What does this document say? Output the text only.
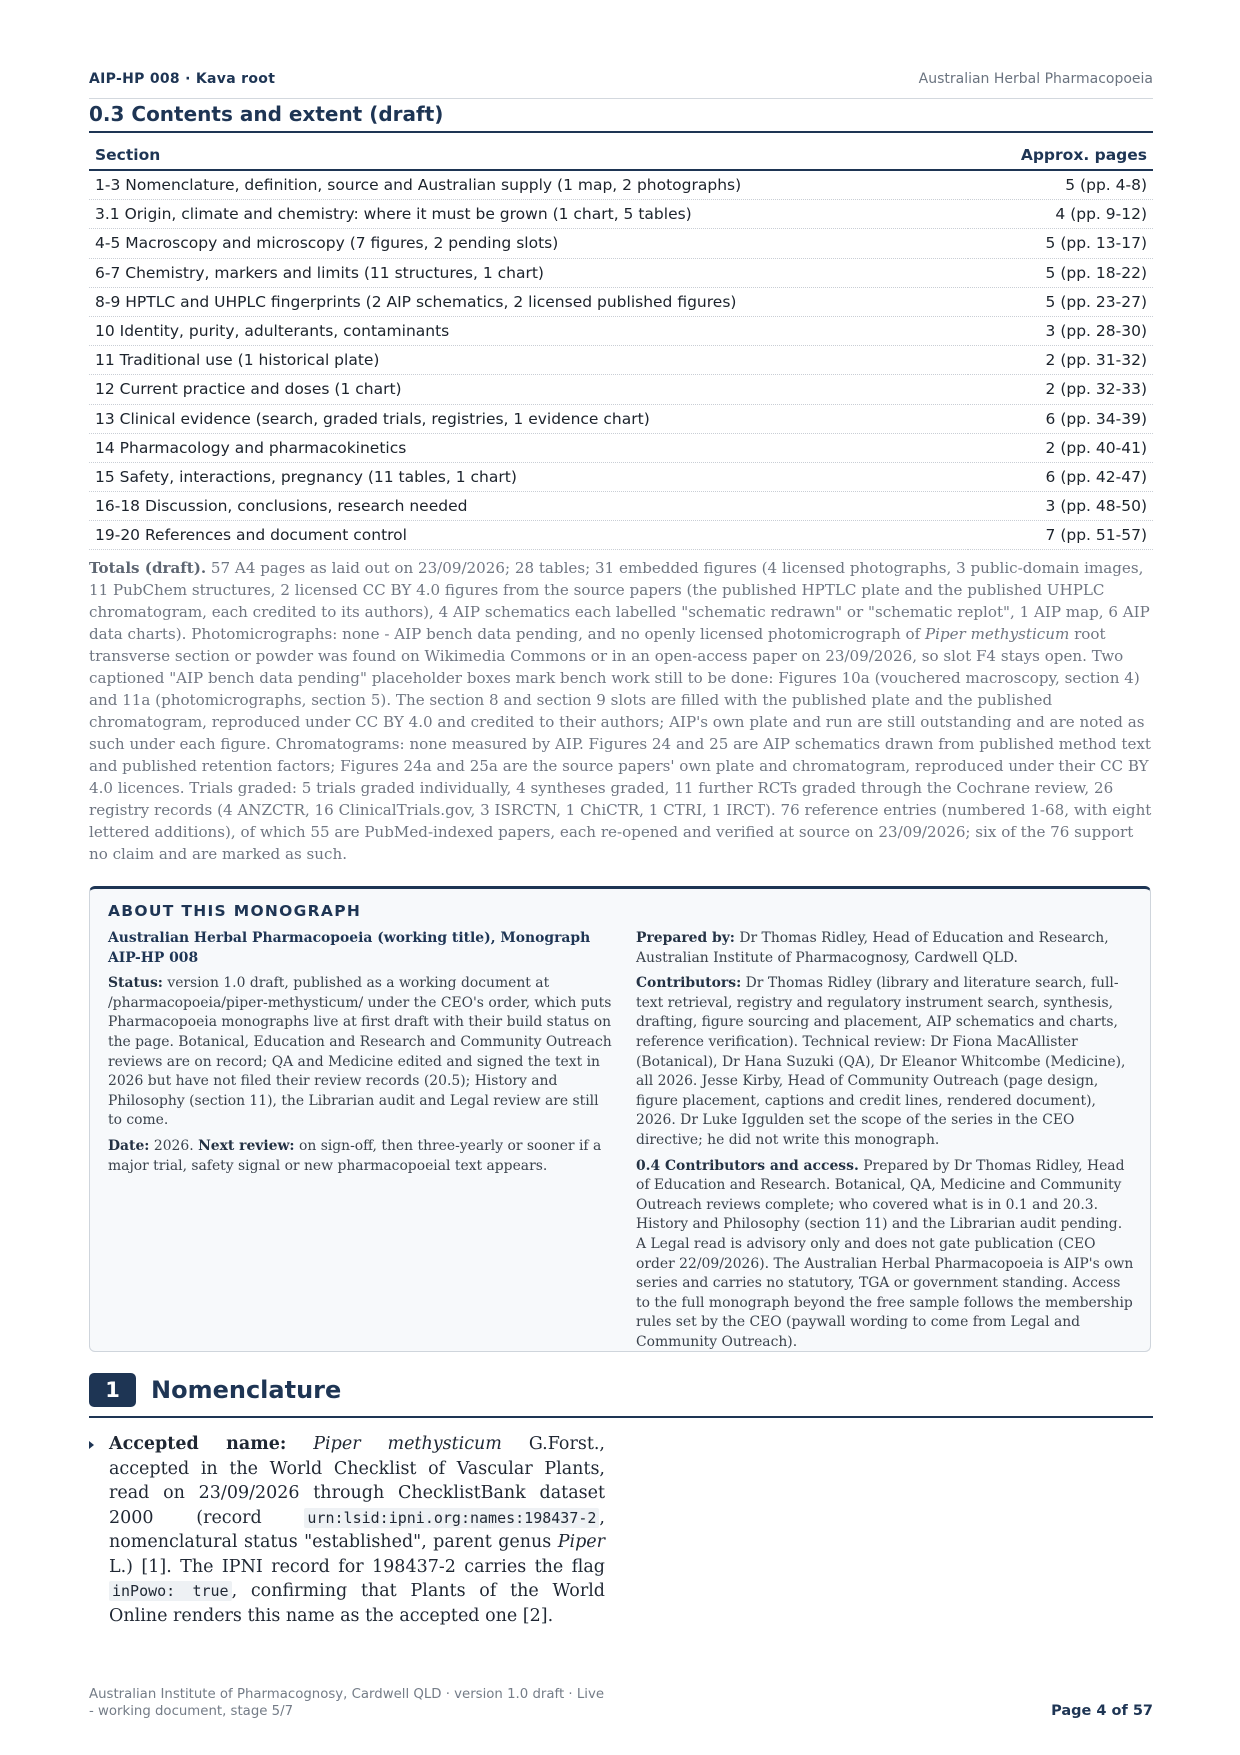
AIP-HP 008 · Kava root	Australian Herbal Pharmacopoeia
0.3 Contents and extent (draft)
Section	Approx. pages
1-3 Nomenclature, definition, source and Australian supply (1 map, 2 photographs)	5 (pp. 4-8)
3.1 Origin, climate and chemistry: where it must be grown (1 chart, 5 tables)	4 (pp. 9-12)
4-5 Macroscopy and microscopy (7 figures, 2 pending slots)	5 (pp. 13-17)
6-7 Chemistry, markers and limits (11 structures, 1 chart)	5 (pp. 18-22)
8-9 HPTLC and UHPLC fingerprints (2 AIP schematics, 2 licensed published figures)	5 (pp. 23-27)
10 Identity, purity, adulterants, contaminants	3 (pp. 28-30)
11 Traditional use (1 historical plate)	2 (pp. 31-32)
12 Current practice and doses (1 chart)	2 (pp. 32-33)
13 Clinical evidence (search, graded trials, registries, 1 evidence chart)	6 (pp. 34-39)
14 Pharmacology and pharmacokinetics	2 (pp. 40-41)
15 Safety, interactions, pregnancy (11 tables, 1 chart)	6 (pp. 42-47)
16-18 Discussion, conclusions, research needed	3 (pp. 48-50)
19-20 References and document control	7 (pp. 51-57)
Totals (draft). 57 A4 pages as laid out on 23/09/2026; 28 tables; 31 embedded figures (4 licensed photographs, 3 public-domain images, 11 PubChem structures, 2 licensed CC BY 4.0 figures from the source papers (the published HPTLC plate and the published UHPLC chromatogram, each credited to its authors), 4 AIP schematics each labelled "schematic redrawn" or "schematic replot", 1 AIP map, 6 AIP data charts). Photomicrographs: none - AIP bench data pending, and no openly licensed photomicrograph of Piper methysticum root transverse section or powder was found on Wikimedia Commons or in an open-access paper on 23/09/2026, so slot F4 stays open. Two captioned "AIP bench data pending" placeholder boxes mark bench work still to be done: Figures 10a (vouchered macroscopy, section 4) and 11a (photomicrographs, section 5). The section 8 and section 9 slots are filled with the published plate and the published chromatogram, reproduced under CC BY 4.0 and credited to their authors; AIP's own plate and run are still outstanding and are noted as such under each figure. Chromatograms: none measured by AIP. Figures 24 and 25 are AIP schematics drawn from published method text and published retention factors; Figures 24a and 25a are the source papers' own plate and chromatogram, reproduced under their CC BY 4.0 licences. Trials graded: 5 trials graded individually, 4 syntheses graded, 11 further RCTs graded through the Cochrane review, 26 registry records (4 ANZCTR, 16 ClinicalTrials.gov, 3 ISRCTN, 1 ChiCTR, 1 CTRI, 1 IRCT). 76 reference entries (numbered 1-68, with eight lettered additions), of which 55 are PubMed-indexed papers, each re-opened and verified at source on 23/09/2026; six of the 76 support no claim and are marked as such.
ABOUT THIS MONOGRAPH

Australian Herbal Pharmacopoeia (working title), Monograph AIP-HP 008

Status: version 1.0 draft, published as a working document at /pharmacopoeia/piper-methysticum/ under the CEO's order, which puts Pharmacopoeia monographs live at first draft with their build status on the page. Botanical, Education and Research and Community Outreach reviews are on record; QA and Medicine edited and signed the text in 2026 but have not filed their review records (20.5); History and Philosophy (section 11), the Librarian audit and Legal review are still to come.

Date: 2026. Next review: on sign-off, then three-yearly or sooner if a major trial, safety signal or new pharmacopoeial text appears.

Prepared by: Dr Thomas Ridley, Head of Education and Research, Australian Institute of Pharmacognosy, Cardwell QLD.

Contributors: Dr Thomas Ridley (library and literature search, full-text retrieval, registry and regulatory instrument search, synthesis, drafting, figure sourcing and placement, AIP schematics and charts, reference verification). Technical review: Dr Fiona MacAllister (Botanical), Dr Hana Suzuki (QA), Dr Eleanor Whitcombe (Medicine), all 2026. Jesse Kirby, Head of Community Outreach (page design, figure placement, captions and credit lines, rendered document), 2026. Dr Luke Iggulden set the scope of the series in the CEO directive; he did not write this monograph.

0.4 Contributors and access. Prepared by Dr Thomas Ridley, Head of Education and Research. Botanical, QA, Medicine and Community Outreach reviews complete; who covered what is in 0.1 and 20.3. History and Philosophy (section 11) and the Librarian audit pending. A Legal read is advisory only and does not gate publication (CEO order 22/09/2026). The Australian Herbal Pharmacopoeia is AIP's own series and carries no statutory, TGA or government standing. Access to the full monograph beyond the free sample follows the membership rules set by the CEO (paywall wording to come from Legal and Community Outreach).

1	Nomenclature
Accepted name: Piper methysticum G.Forst., accepted in the World Checklist of Vascular Plants, read on 23/09/2026 through ChecklistBank dataset 2000 (record	urn:lsid:ipni.org:names:198437-2 , nomenclatural status "established", parent genus Piper L.) [1]. The IPNI record for 198437-2 carries the flag inPowo: true , confirming that Plants of the World Online renders this name as the accepted one [2].
Australian Institute of Pharmacognosy, Cardwell QLD · version 1.0 draft · Live - working document, stage 5/7	Page 4 of 57
